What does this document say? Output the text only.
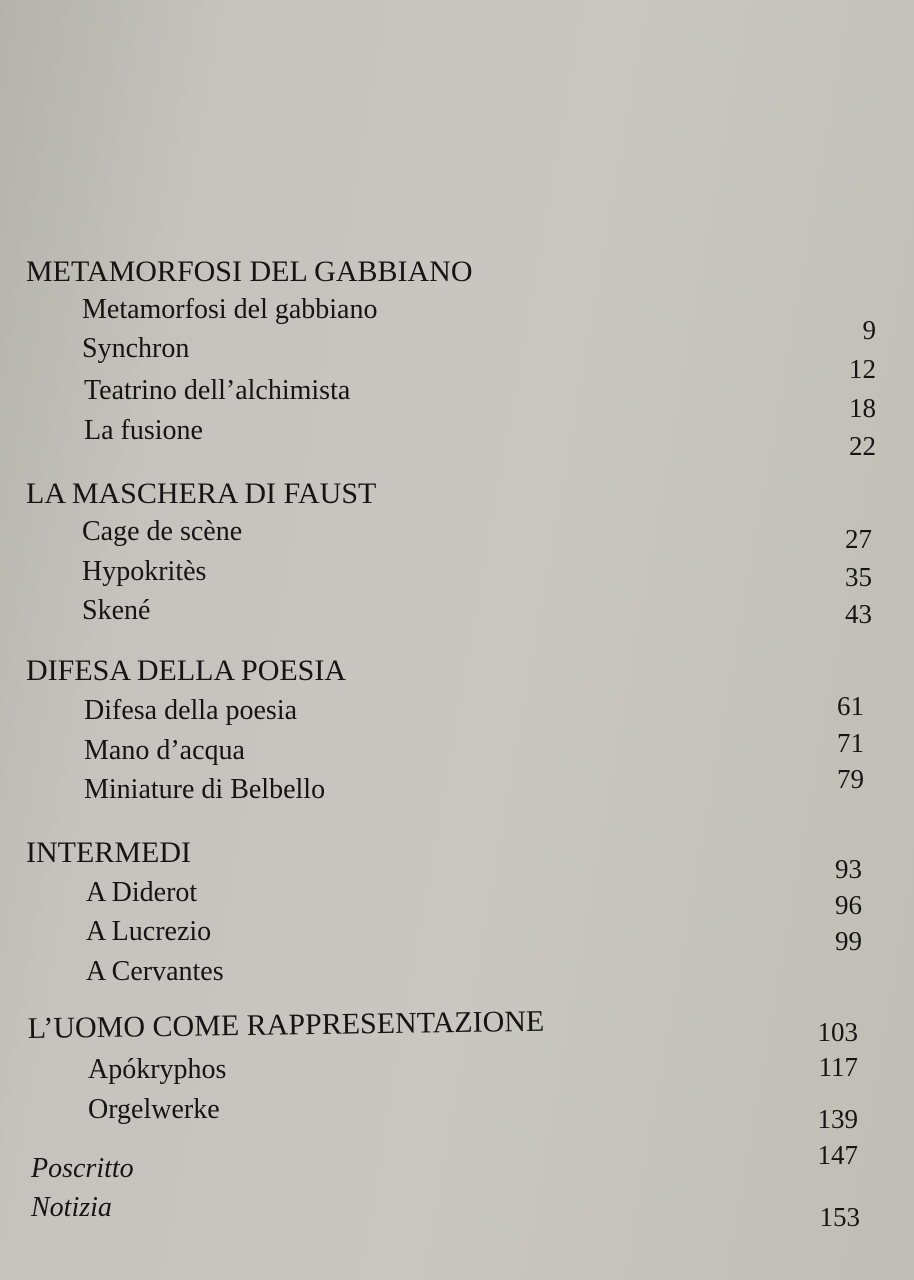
METAMORFOSI DEL GABBIANO
Metamorfosi del gabbiano
Synchron
Teatrino dell’alchimista
La fusione
LA MASCHERA DI FAUST
Cage de scène
Hypokritès
Skené
DIFESA DELLA POESIA
Difesa della poesia
Mano d’acqua
Miniature di Belbello
INTERMEDI
A Diderot
A Lucrezio
A Cervantes
L’UOMO COME RAPPRESENTAZIONE
Apókryphos
Orgelwerke
Poscritto
Notizia
9
12
18
22
27
35
43
61
71
79
93
96
99
103
117
139
147
153
